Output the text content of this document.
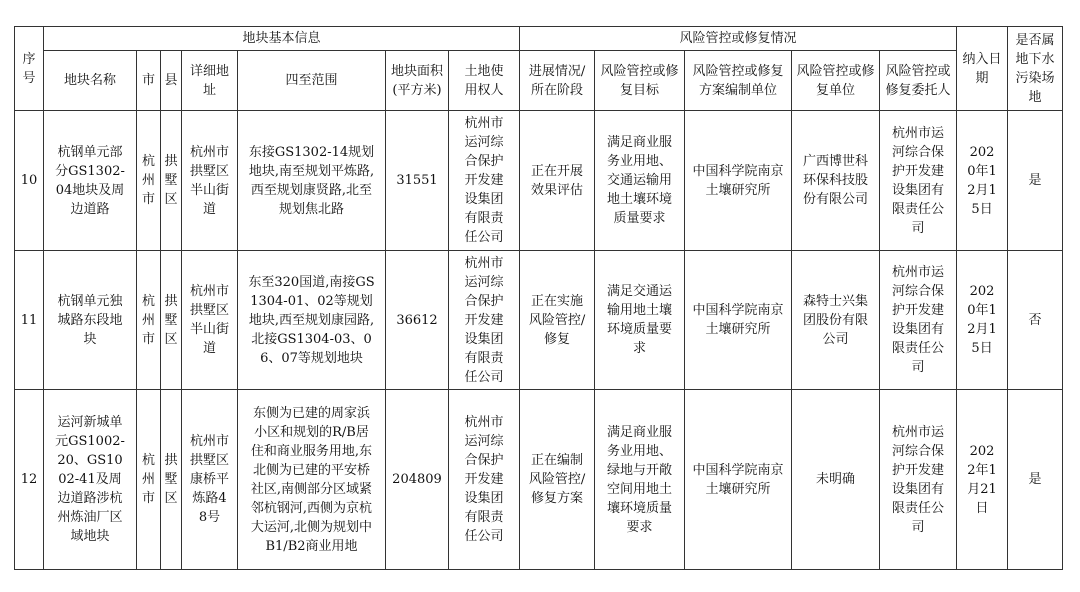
序号	地块基本信息							风险管控或修复情况					纳入日期	是否属地下水污染场地
	地块名称	市	县	详细地址	四至范围	地块面积(平方米)	土地使用权人	进展情况/所在阶段	风险管控或修复目标	风险管控或修复方案编制单位	风险管控或修复单位	风险管控或修复委托人		
10	杭钢单元部分GS1302-04地块及周边道路	杭州市	拱墅区	杭州市拱墅区半山街道	东接GS1302-14规划地块,南至规划平炼路,西至规划康贤路,北至规划焦北路	31551	杭州市运河综合保护开发建设集团有限责任公司	正在开展效果评估	满足商业服务业用地、交通运输用地土壤环境质量要求	中国科学院南京土壤研究所	广西博世科环保科技股份有限公司	杭州市运河综合保护开发建设集团有限责任公司	2020年12月15日	是
11	杭钢单元独城路东段地块	杭州市	拱墅区	杭州市拱墅区半山街道	东至320国道,南接GS1304-01、02等规划地块,西至规划康园路,北接GS1304-03、06、07等规划地块	36612	杭州市运河综合保护开发建设集团有限责任公司	正在实施风险管控/修复	满足交通运输用地土壤环境质量要求	中国科学院南京土壤研究所	森特士兴集团股份有限公司	杭州市运河综合保护开发建设集团有限责任公司	2020年12月15日	否
12	运河新城单元GS1002-20、GS1002-41及周边道路涉杭州炼油厂区域地块	杭州市	拱墅区	杭州市拱墅区康桥平炼路48号	东侧为已建的周家浜小区和规划的R/B居住和商业服务用地,东北侧为已建的平安桥社区,南侧部分区域紧邻杭钢河,西侧为京杭大运河,北侧为规划中B1/B2商业用地	204809	杭州市运河综合保护开发建设集团有限责任公司	正在编制风险管控/修复方案	满足商业服务业用地、绿地与开敞空间用地土壤环境质量要求	中国科学院南京土壤研究所	未明确	杭州市运河综合保护开发建设集团有限责任公司	2022年1月21日	是
